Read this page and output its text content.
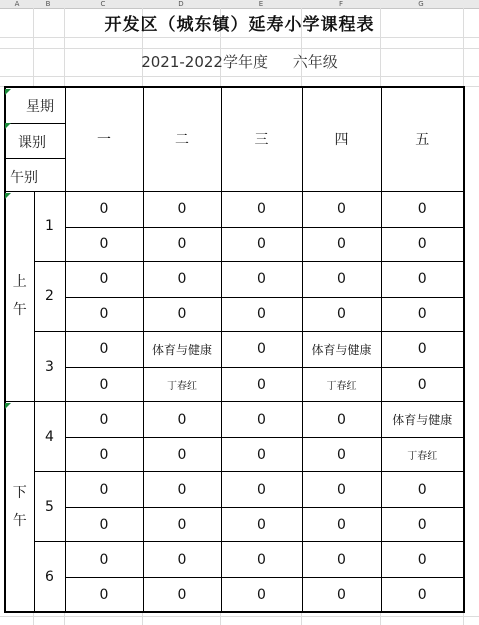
A	B	C	D	E	F	G
开发区（城东镇）延寿小学课程表
2021-2022学年度 六年级
星期
课别
午别		一	二	三	四	五
上
午	1	0	0	0	0	0
		0	0	0	0	0
	2	0	0	0	0	0
		0	0	0	0	0
	3	0	体育与健康	0	体育与健康	0
		0	丁春红	0	丁春红	0
下
午	4	0	0	0	0	体育与健康
		0	0	0	0	丁春红
	5	0	0	0	0	0
		0	0	0	0	0
	6	0	0	0	0	0
		0	0	0	0	0
